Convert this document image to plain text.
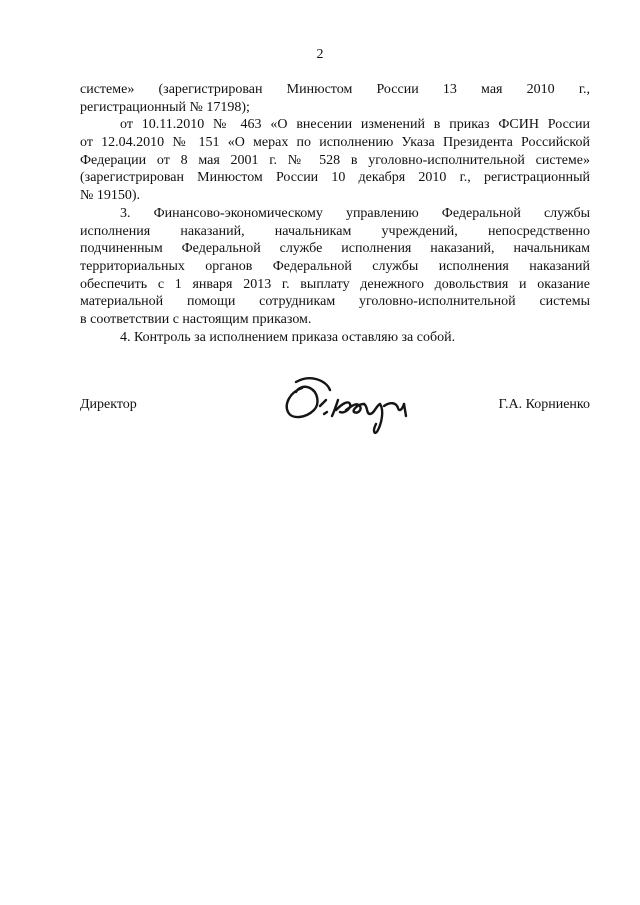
2
системе» (зарегистрирован Минюстом России 13 мая 2010 г.,
регистрационный № 17198);
от 10.11.2010 № 463 «О внесении изменений в приказ ФСИН России
от 12.04.2010 № 151 «О мерах по исполнению Указа Президента Российской
Федерации от 8 мая 2001 г. № 528 в уголовно-исполнительной системе»
(зарегистрирован Минюстом России 10 декабря 2010 г., регистрационный
№ 19150).
3. Финансово-экономическому управлению Федеральной службы
исполнения наказаний, начальникам учреждений, непосредственно
подчиненным Федеральной службе исполнения наказаний, начальникам
территориальных органов Федеральной службы исполнения наказаний
обеспечить с 1 января 2013 г. выплату денежного довольствия и оказание
материальной помощи сотрудникам уголовно-исполнительной системы
в соответствии с настоящим приказом.
4. Контроль за исполнением приказа оставляю за собой.
Директор	Г.А. Корниенко
